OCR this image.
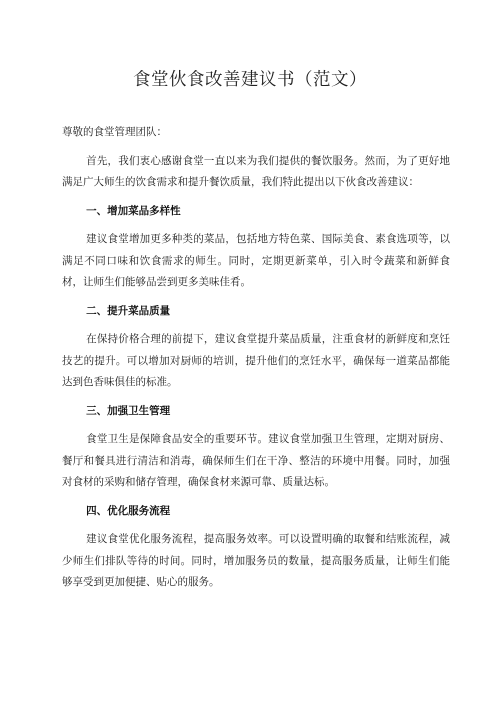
食堂伙食改善建议书（范文）

尊敬的食堂管理团队：

首先，我们衷心感谢食堂一直以来为我们提供的餐饮服务。然而，为了更好地满足广大师生的饮食需求和提升餐饮质量，我们特此提出以下伙食改善建议：

一、增加菜品多样性

建议食堂增加更多种类的菜品，包括地方特色菜、国际美食、素食选项等，以满足不同口味和饮食需求的师生。同时，定期更新菜单，引入时令蔬菜和新鲜食材，让师生们能够品尝到更多美味佳肴。

二、提升菜品质量

在保持价格合理的前提下，建议食堂提升菜品质量，注重食材的新鲜度和烹饪技艺的提升。可以增加对厨师的培训，提升他们的烹饪水平，确保每一道菜品都能达到色香味俱佳的标准。

三、加强卫生管理

食堂卫生是保障食品安全的重要环节。建议食堂加强卫生管理，定期对厨房、餐厅和餐具进行清洁和消毒，确保师生们在干净、整洁的环境中用餐。同时，加强对食材的采购和储存管理，确保食材来源可靠、质量达标。

四、优化服务流程

建议食堂优化服务流程，提高服务效率。可以设置明确的取餐和结账流程，减少师生们排队等待的时间。同时，增加服务员的数量，提高服务质量，让师生们能够享受到更加便捷、贴心的服务。
